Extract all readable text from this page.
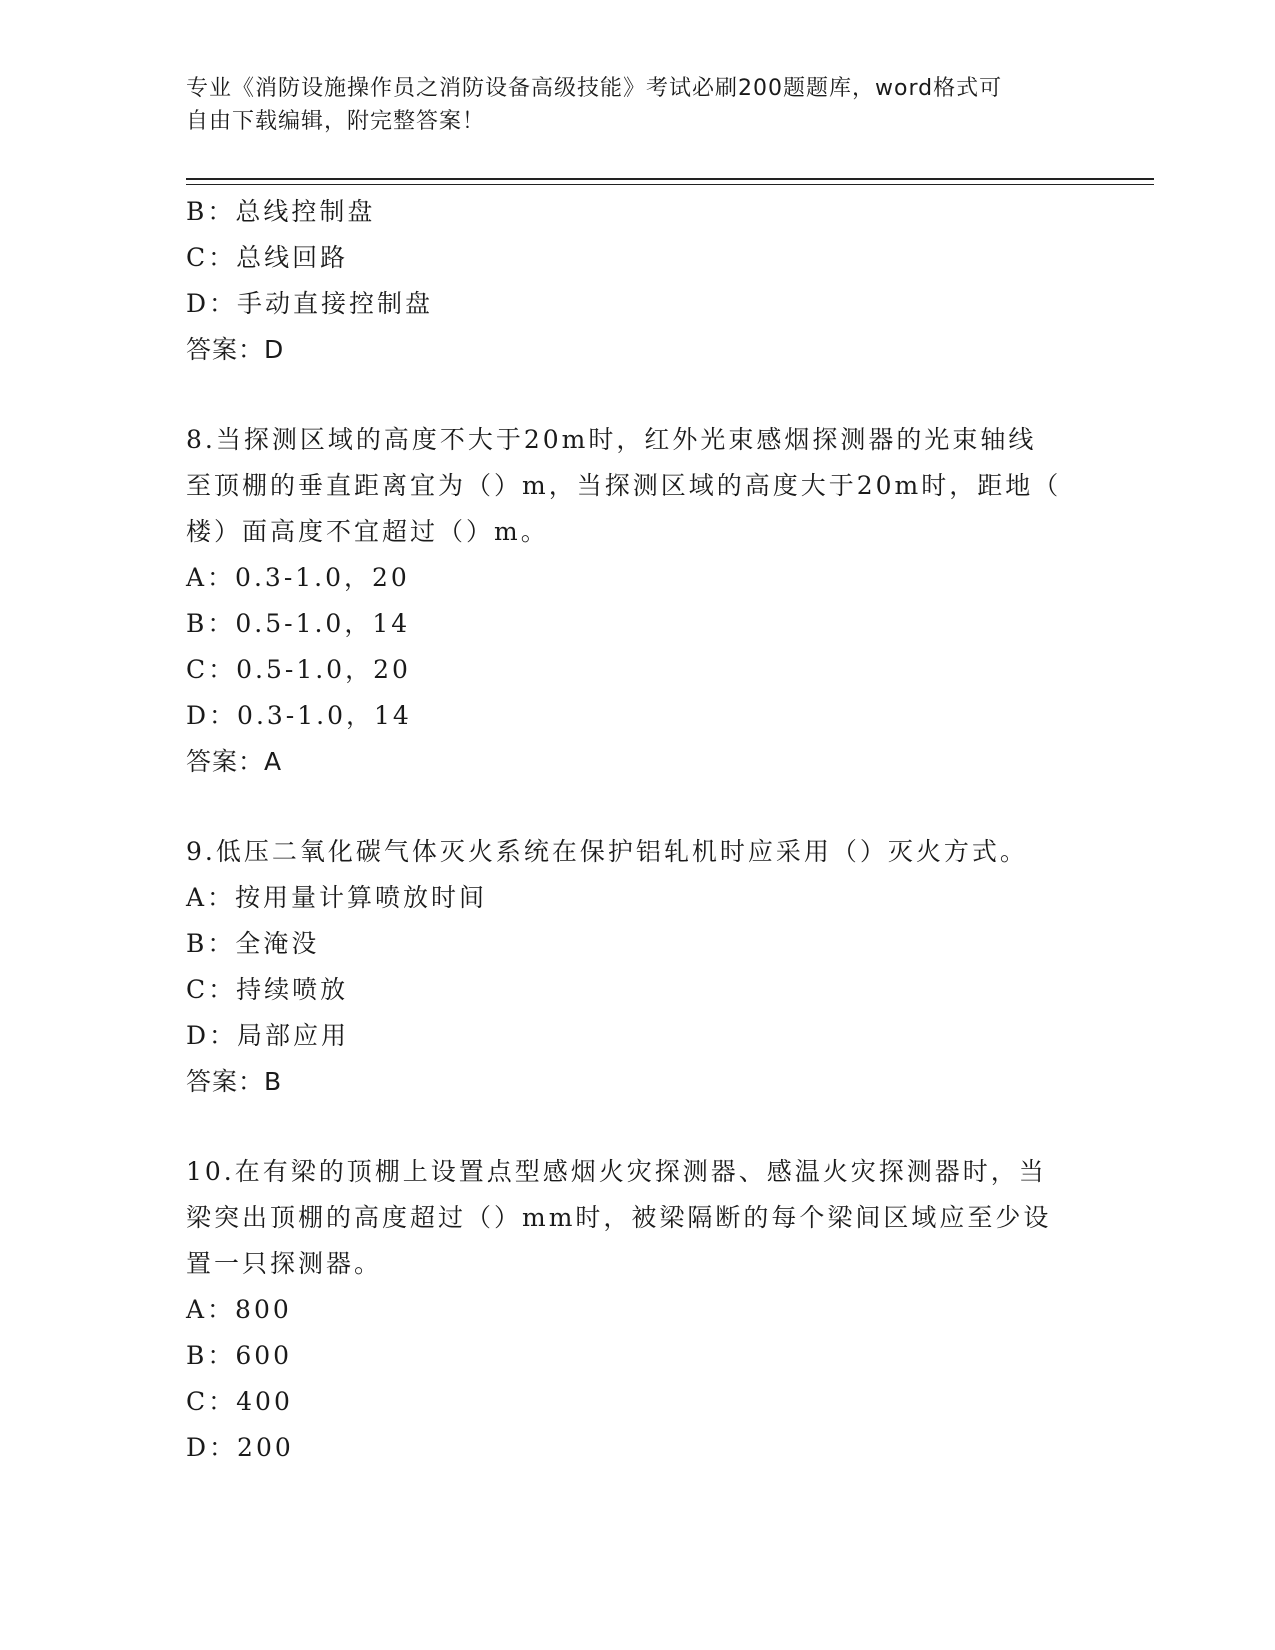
专业《消防设施操作员之消防设备高级技能》考试必刷200题题库，word格式可
自由下载编辑，附完整答案！
B：总线控制盘
C：总线回路
D：手动直接控制盘
答案：D
8.当探测区域的高度不大于20m时，红外光束感烟探测器的光束轴线
至顶棚的垂直距离宜为（）m，当探测区域的高度大于20m时，距地（
楼）面高度不宜超过（）m。
A：0.3-1.0，20
B：0.5-1.0，14
C：0.5-1.0，20
D：0.3-1.0，14
答案：A
9.低压二氧化碳气体灭火系统在保护铝轧机时应采用（）灭火方式。
A：按用量计算喷放时间
B：全淹没
C：持续喷放
D：局部应用
答案：B
10.在有梁的顶棚上设置点型感烟火灾探测器、感温火灾探测器时，当
梁突出顶棚的高度超过（）mm时，被梁隔断的每个梁间区域应至少设
置一只探测器。
A：800
B：600
C：400
D：200
